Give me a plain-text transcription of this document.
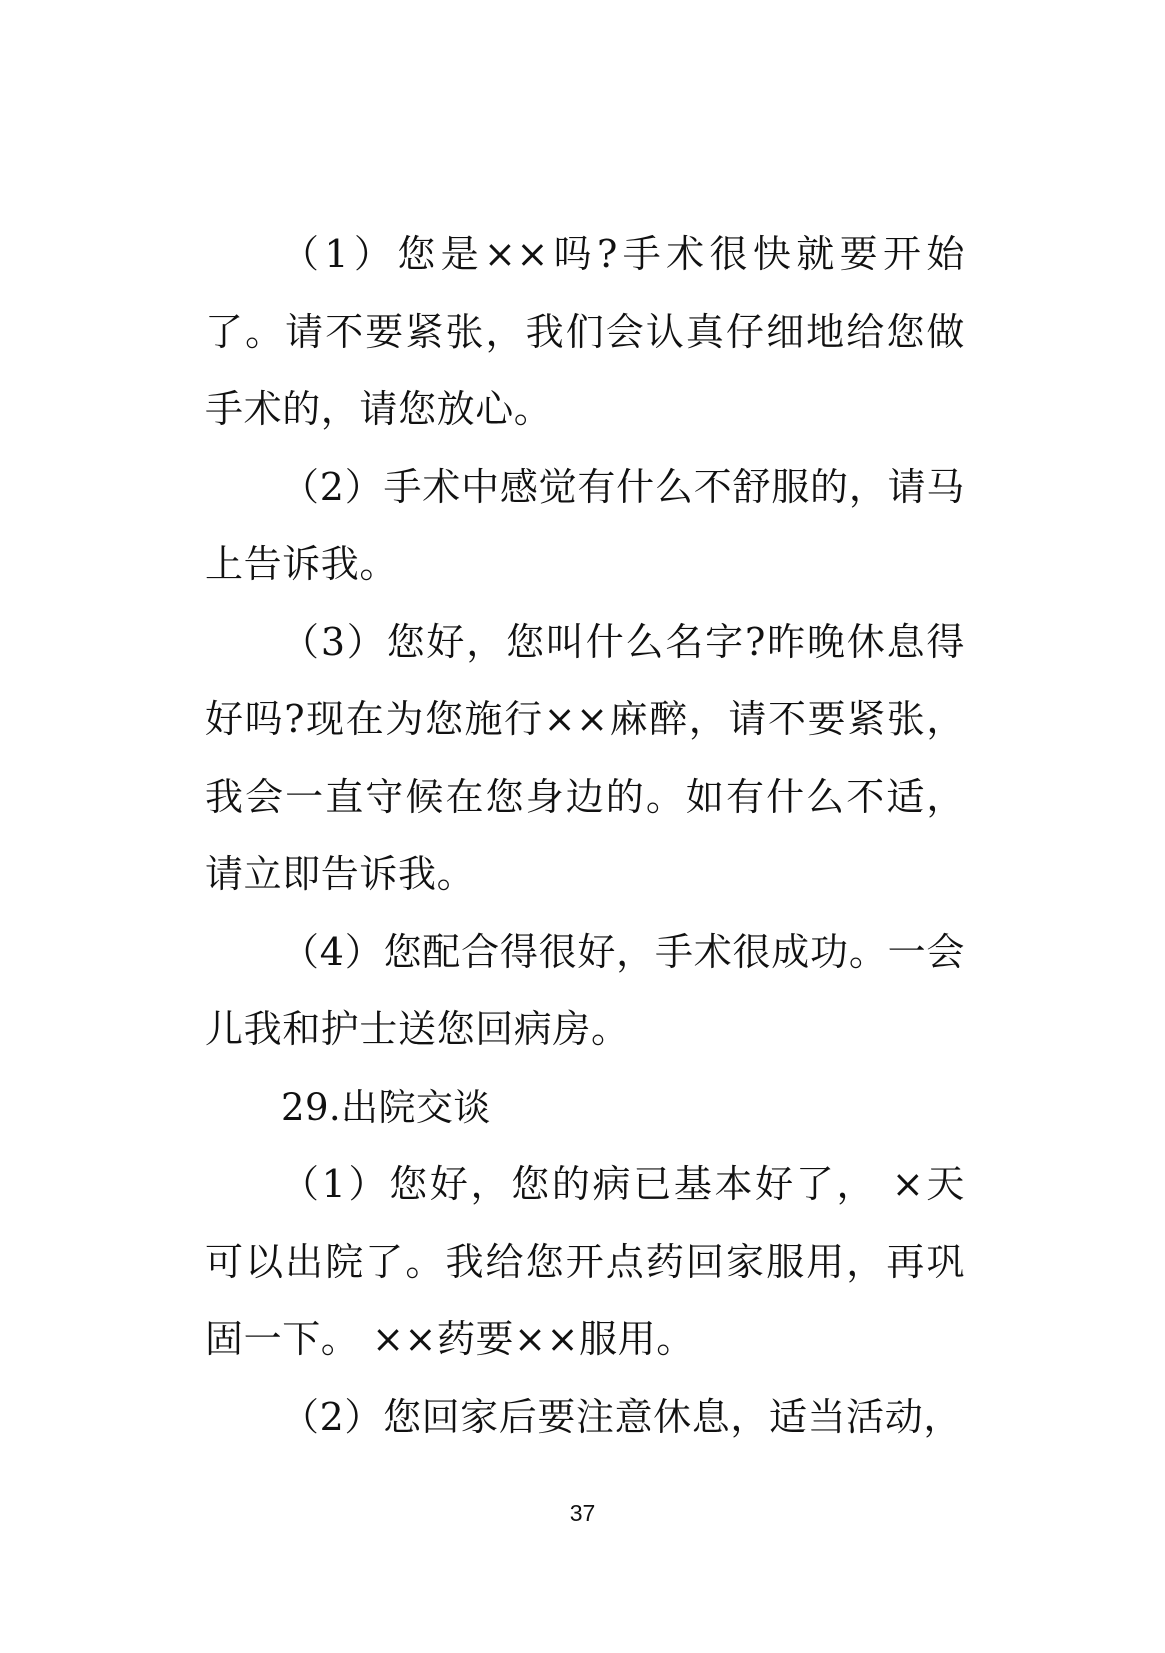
（1）您是××吗?手术很快就要开始了。请不要紧张，我们会认真仔细地给您做手术的，请您放心。

（2）手术中感觉有什么不舒服的，请马上告诉我。

（3）您好，您叫什么名字?昨晚休息得好吗?现在为您施行××麻醉，请不要紧张，我会一直守候在您身边的。如有什么不适，请立即告诉我。

（4）您配合得很好，手术很成功。一会儿我和护士送您回病房。

29.出院交谈

（1）您好，您的病已基本好了， ×天可以出院了。我给您开点药回家服用，再巩固一下。 ××药要××服用。

（2）您回家后要注意休息，适当活动，

37
